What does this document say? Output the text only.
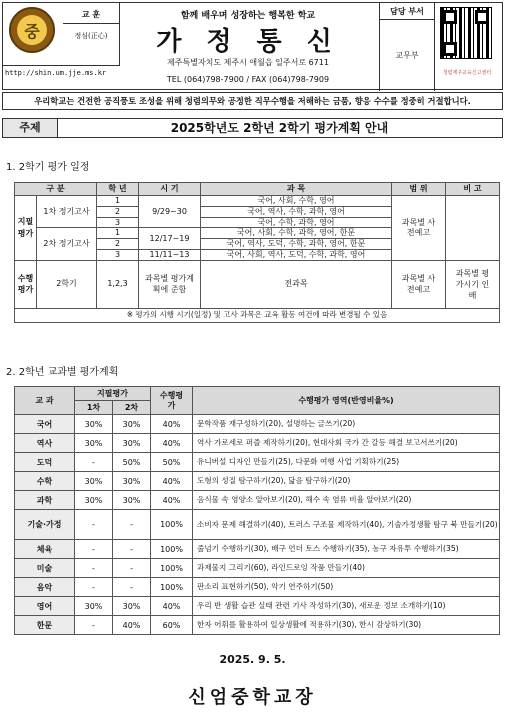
중
교 훈
정심(正心)
http://shin.um.jje.ms.kr
함께 배우며 성장하는 행복한 학교
가 정 통 신
제주특별자치도 제주시 애월읍 일주서로 6711
TEL (064)798-7900 / FAX (064)798-7909
담당 부서
교무부
청렴제주교육신고센터
우리학교는 건전한 공직풍토 조성을 위해 청렴의무와 공정한 직무수행을 저해하는 금품, 향응 수수를 정중히 거절합니다.
주제	2025학년도 2학년 2학기 평가계획 안내
1. 2학기 평가 일정
구 분		학 년	시 기	과 목	범 위	비 고
지필평가	1차 정기고사	1	9/29~30	국어, 사회, 수학, 영어	과목별 사전예고	
		2		국어, 역사, 수학, 과학, 영어		
		3		국어, 수학, 과학, 영어		
	2차 정기고사	1	12/17~19	국어, 사회, 수학, 과학, 영어, 한문		
		2		국어, 역사, 도덕, 수학, 과학, 영어, 한문		
		3	11/11~13	국어, 사회, 역사, 도덕, 수학, 과학, 영어		
수행평가	2학기	1,2,3	과목별 평가계획에 준함	전과목	과목별 사전예고	과목별 평가시기 인배
※ 평가의 시행 시기(일정) 및 고사 과목은 교육 활동 여건에 따라 변경될 수 있음						
2. 2학년 교과별 평가계획
교 과	지필평가		수행평가	수행평가 영역(반영비율%)
	1차	2차		
국어	30%	30%	40%	문학작품 재구성하기(20), 설명하는 글쓰기(20)
역사	30%	30%	40%	역사 가로세로 퍼즐 제작하기(20), 현대사회 국가 간 갈등 해결 보고서쓰기(20)
도덕	-	50%	50%	유니버설 디자인 만들기(25), 다문화 여행 사업 기획하기(25)
수학	30%	30%	40%	도형의 성질 탐구하기(20), 닮음 탐구하기(20)
과학	30%	30%	40%	음식물 속 영양소 알아보기(20), 해수 속 염류 비율 알아보기(20)
기술·가정	-	-	100%	소비자 문제 해결하기(40), 트러스 구조물 제작하기(40), 기술가정생활 탐구 북 만들기(20)
체육	-	-	100%	줄넘기 수행하기(30), 배구 언더 토스 수행하기(35), 농구 자유투 수행하기(35)
미술	-	-	100%	과제물지 그리기(60), 라인드로잉 작품 만들기(40)
음악	-	-	100%	판소리 표현하기(50), 악기 연주하기(50)
영어	30%	30%	40%	우리 반 생활 습관 실태 관련 기사 작성하기(30), 새로운 정보 소개하기(10)
한문	-	40%	60%	한자 어휘를 활용하여 일상생활에 적용하기(30), 한시 감상하기(30)
2025. 9. 5.
신엄중학교장
